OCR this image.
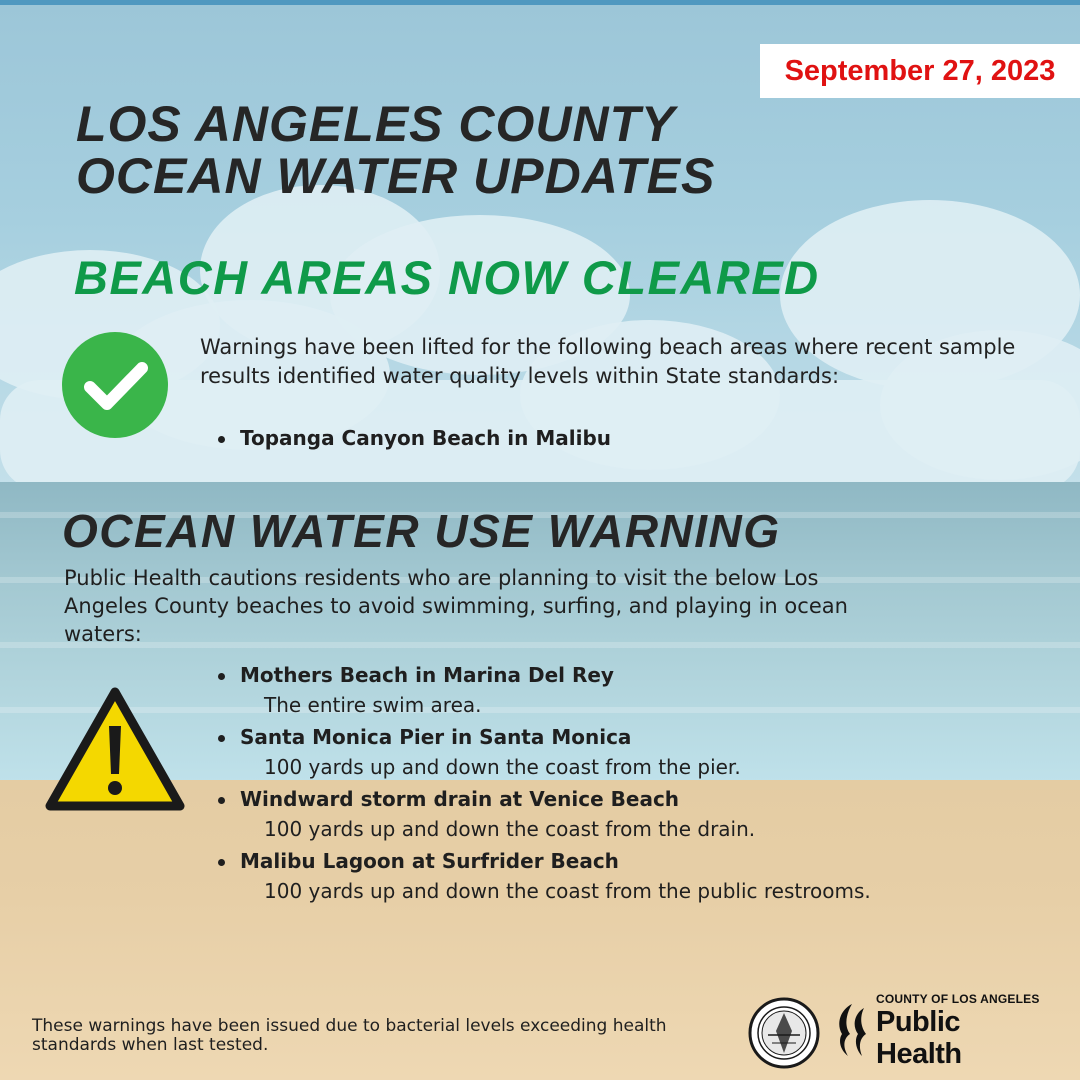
September 27, 2023
LOS ANGELES COUNTY
OCEAN WATER UPDATES
BEACH AREAS NOW CLEARED
Warnings have been lifted for the following beach areas where recent sample results identified water quality levels within State standards:
Topanga Canyon Beach in Malibu
OCEAN WATER USE WARNING
Public Health cautions residents who are planning to visit the below Los Angeles County beaches to avoid swimming, surfing, and playing in ocean waters:
Mothers Beach in Marina Del Rey
The entire swim area.
Santa Monica Pier in Santa Monica
100 yards up and down the coast from the pier.
Windward storm drain at Venice Beach
100 yards up and down the coast from the drain.
Malibu Lagoon at Surfrider Beach
100 yards up and down the coast from the public restrooms.
These warnings have been issued due to bacterial levels exceeding health standards when last tested.
COUNTY OF LOS ANGELES
Public Health
